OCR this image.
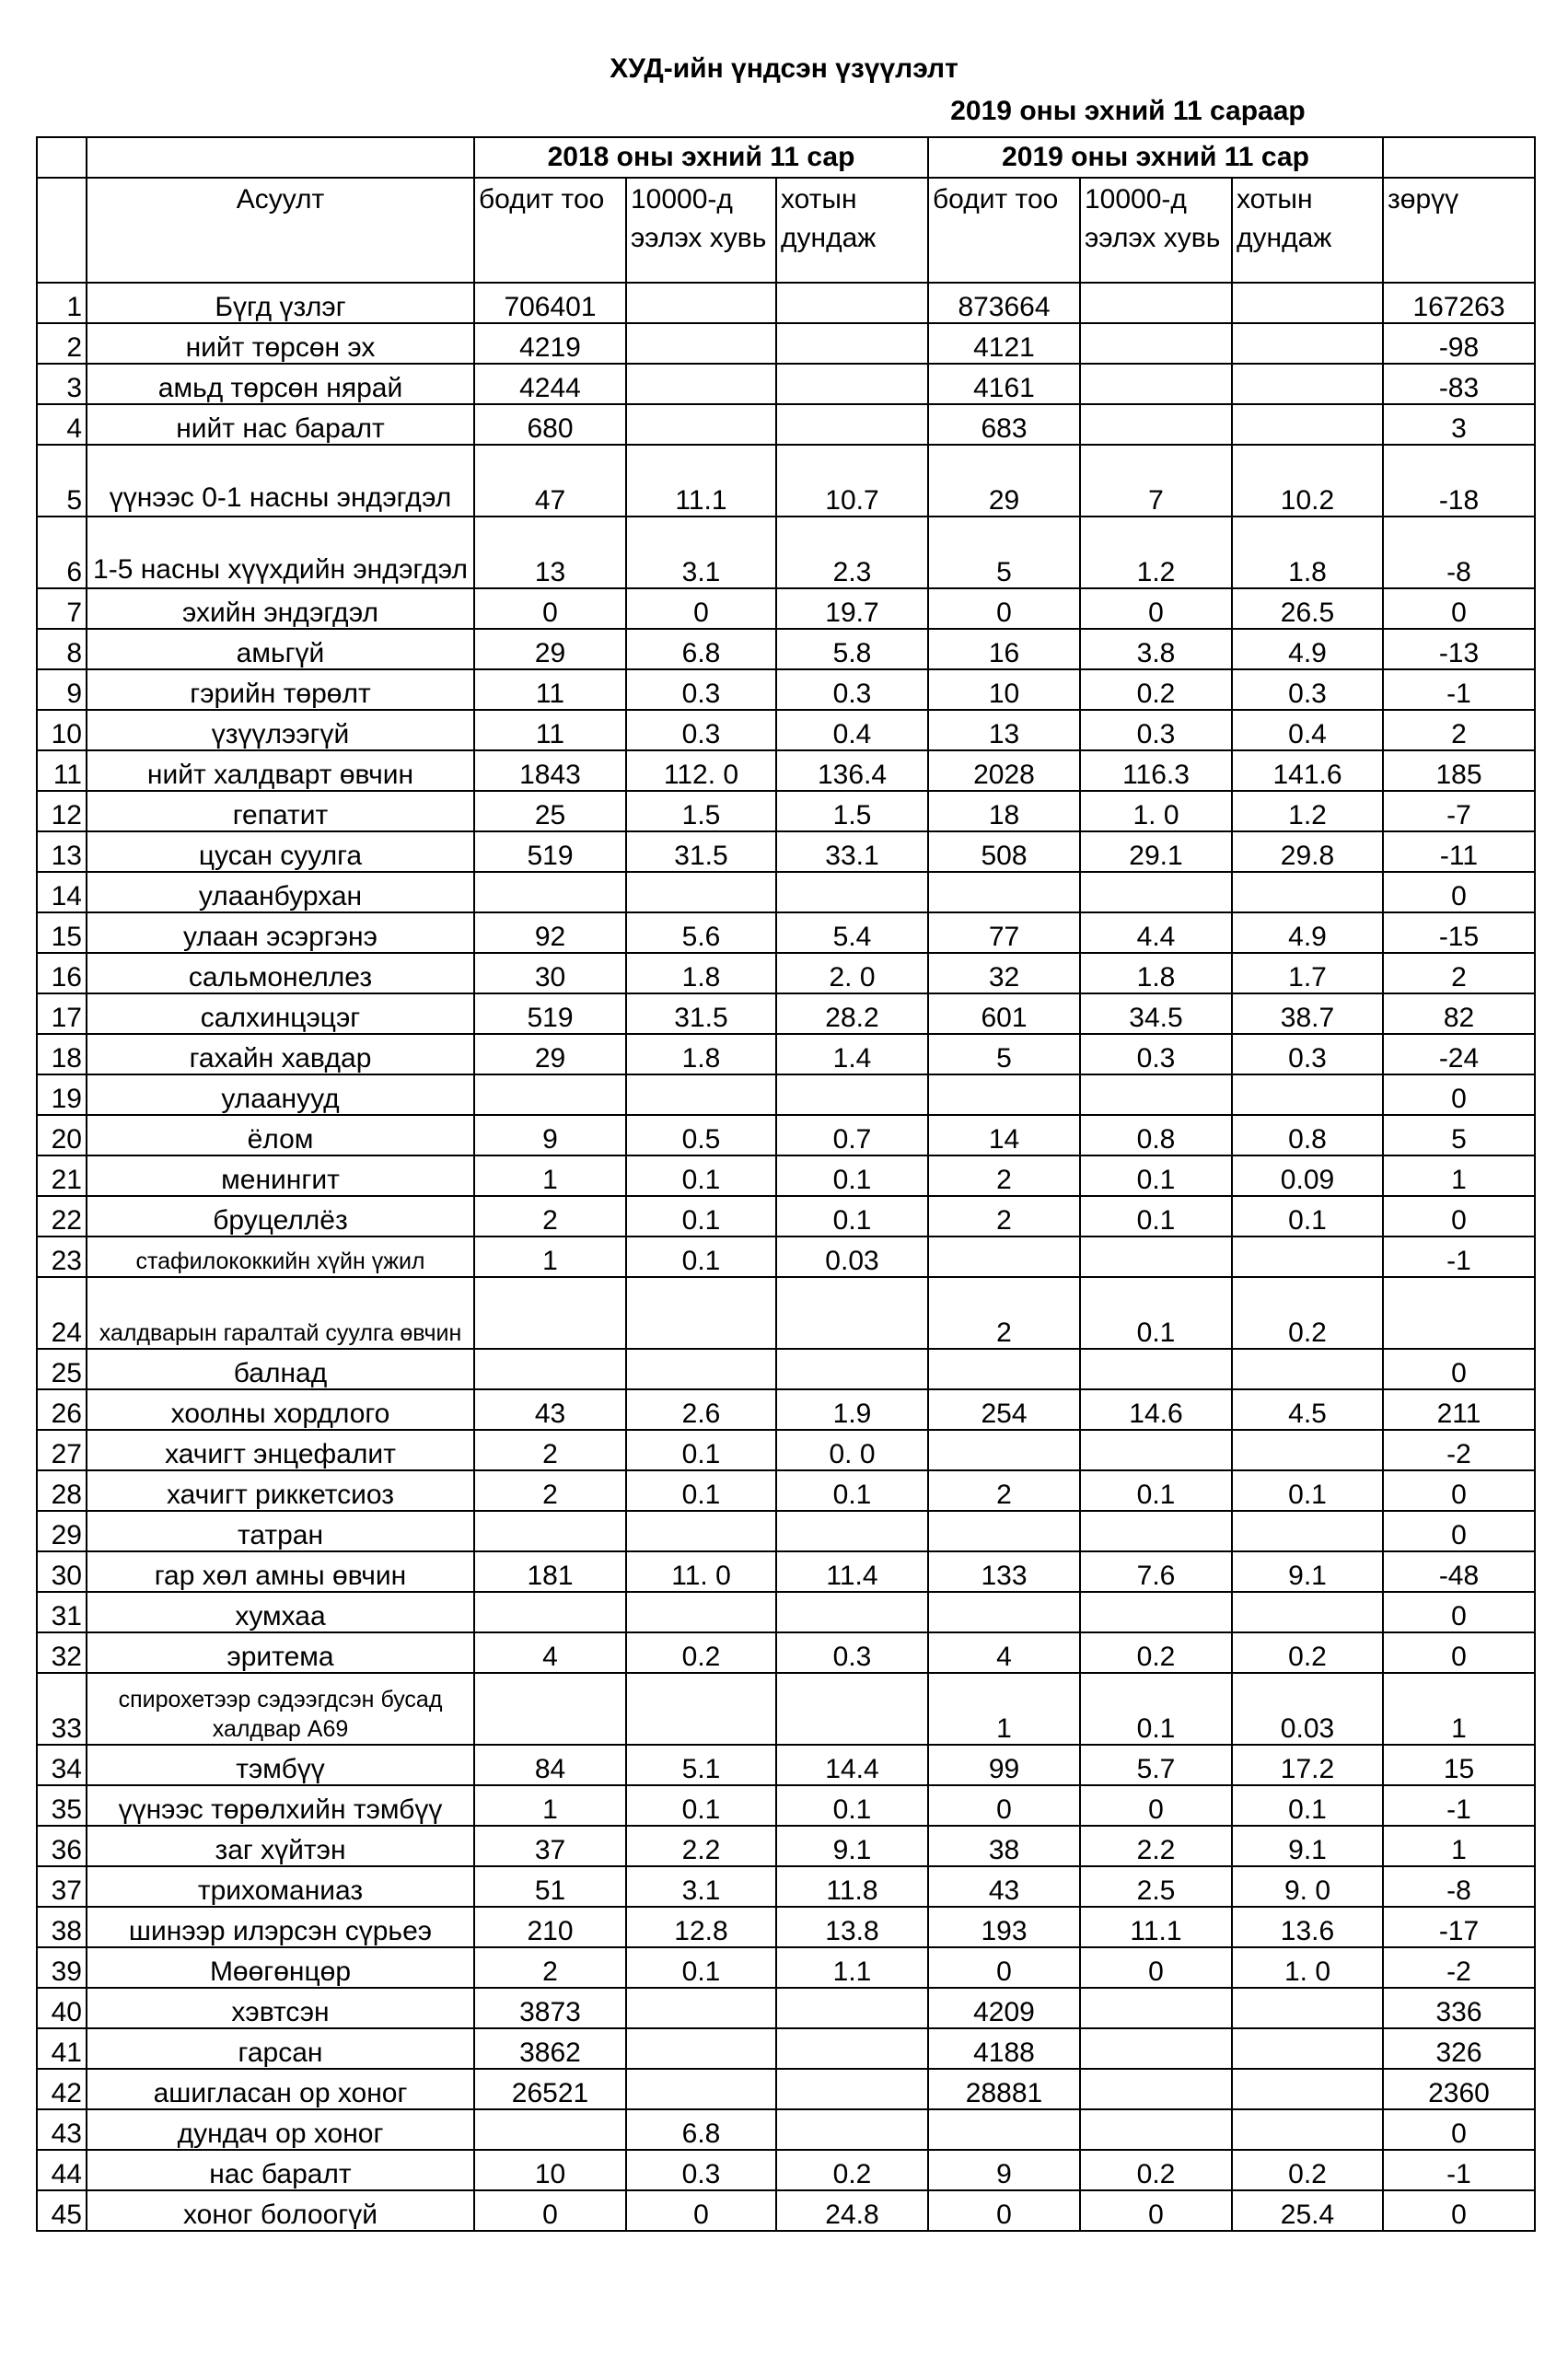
ХУД-ийн үндсэн үзүүлэлт
2019 оны эхний 11 сараар
		2018 оны эхний 11 сар			2019 оны эхний 11 сар			
	Асуулт	бодит тоо	10000-д ээлэх хувь	хотын дундаж	бодит тоо	10000-д ээлэх хувь	хотын дундаж	зөрүү
1	Бүгд үзлэг	706401			873664			167263
2	нийт төрсөн эх	4219			4121			-98
3	амьд төрсөн нярай	4244			4161			-83
4	нийт нас баралт	680			683			3
5	үүнээс 0-1 насны эндэгдэл	47	11.1	10.7	29	7	10.2	-18
6	1-5 насны хүүхдийн эндэгдэл	13	3.1	2.3	5	1.2	1.8	-8
7	эхийн эндэгдэл	0	0	19.7	0	0	26.5	0
8	амьгүй	29	6.8	5.8	16	3.8	4.9	-13
9	гэрийн төрөлт	11	0.3	0.3	10	0.2	0.3	-1
10	үзүүлээгүй	11	0.3	0.4	13	0.3	0.4	2
11	нийт халдварт өвчин	1843	112. 0	136.4	2028	116.3	141.6	185
12	гепатит	25	1.5	1.5	18	1. 0	1.2	-7
13	цусан суулга	519	31.5	33.1	508	29.1	29.8	-11
14	улаанбурхан							0
15	улаан эсэргэнэ	92	5.6	5.4	77	4.4	4.9	-15
16	сальмонеллез	30	1.8	2. 0	32	1.8	1.7	2
17	салхинцэцэг	519	31.5	28.2	601	34.5	38.7	82
18	гахайн хавдар	29	1.8	1.4	5	0.3	0.3	-24
19	улаанууд							0
20	ёлом	9	0.5	0.7	14	0.8	0.8	5
21	менингит	1	0.1	0.1	2	0.1	0.09	1
22	бруцеллёз	2	0.1	0.1	2	0.1	0.1	0
23	стафилококкийн хүйн үжил	1	0.1	0.03				-1
24	халдварын гаралтай суулга өвчин				2	0.1	0.2	
25	балнад							0
26	хоолны хордлого	43	2.6	1.9	254	14.6	4.5	211
27	хачигт энцефалит	2	0.1	0. 0				-2
28	хачигт риккетсиоз	2	0.1	0.1	2	0.1	0.1	0
29	татран							0
30	гар хөл амны өвчин	181	11. 0	11.4	133	7.6	9.1	-48
31	хумхаа							0
32	эритема	4	0.2	0.3	4	0.2	0.2	0
33	спирохетээр сэдээгдсэн бусад халдвар А69				1	0.1	0.03	1
34	тэмбүү	84	5.1	14.4	99	5.7	17.2	15
35	үүнээс төрөлхийн тэмбүү	1	0.1	0.1	0	0	0.1	-1
36	заг хүйтэн	37	2.2	9.1	38	2.2	9.1	1
37	трихоманиаз	51	3.1	11.8	43	2.5	9. 0	-8
38	шинээр илэрсэн сүрьеэ	210	12.8	13.8	193	11.1	13.6	-17
39	Мөөгөнцөр	2	0.1	1.1	0	0	1. 0	-2
40	хэвтсэн	3873			4209			336
41	гарсан	3862			4188			326
42	ашигласан ор хоног	26521			28881			2360
43	дундач ор хоног		6.8					0
44	нас баралт	10	0.3	0.2	9	0.2	0.2	-1
45	хоног болоогүй	0	0	24.8	0	0	25.4	0
